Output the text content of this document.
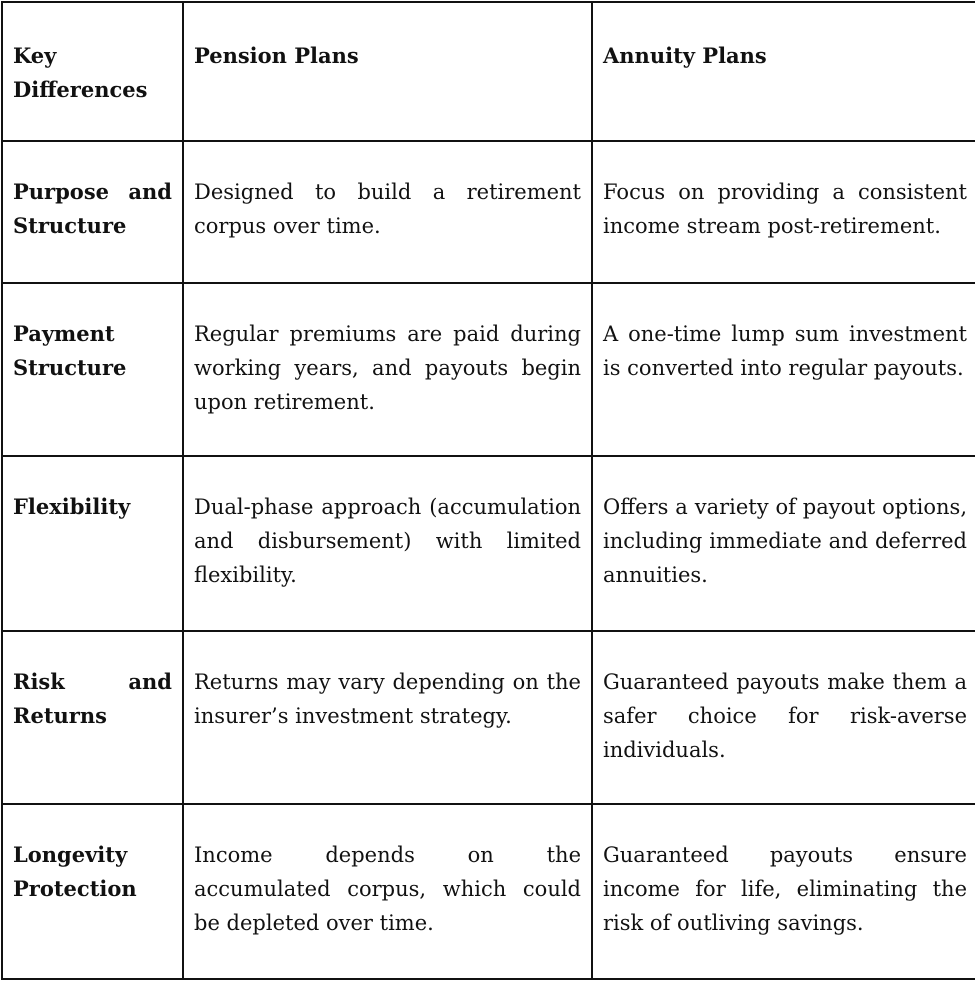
Key Differences	Pension Plans	Annuity Plans
Purpose and Structure	Designed to build a retirement corpus over time.	Focus on providing a consistent income stream post-retirement.
Payment Structure	Regular premiums are paid during working years, and payouts begin upon retirement.	A one-time lump sum investment is converted into regular payouts.
Flexibility	Dual-phase approach (accumulation and disbursement) with limited flexibility.	Offers a variety of payout options, including immediate and deferred annuities.
Risk and Returns	Returns may vary depending on the insurer’s investment strategy.	Guaranteed payouts make them a safer choice for risk-averse individuals.
Longevity Protection	Income depends on the accumulated corpus, which could be depleted over time.	Guaranteed payouts ensure income for life, eliminating the risk of outliving savings.
